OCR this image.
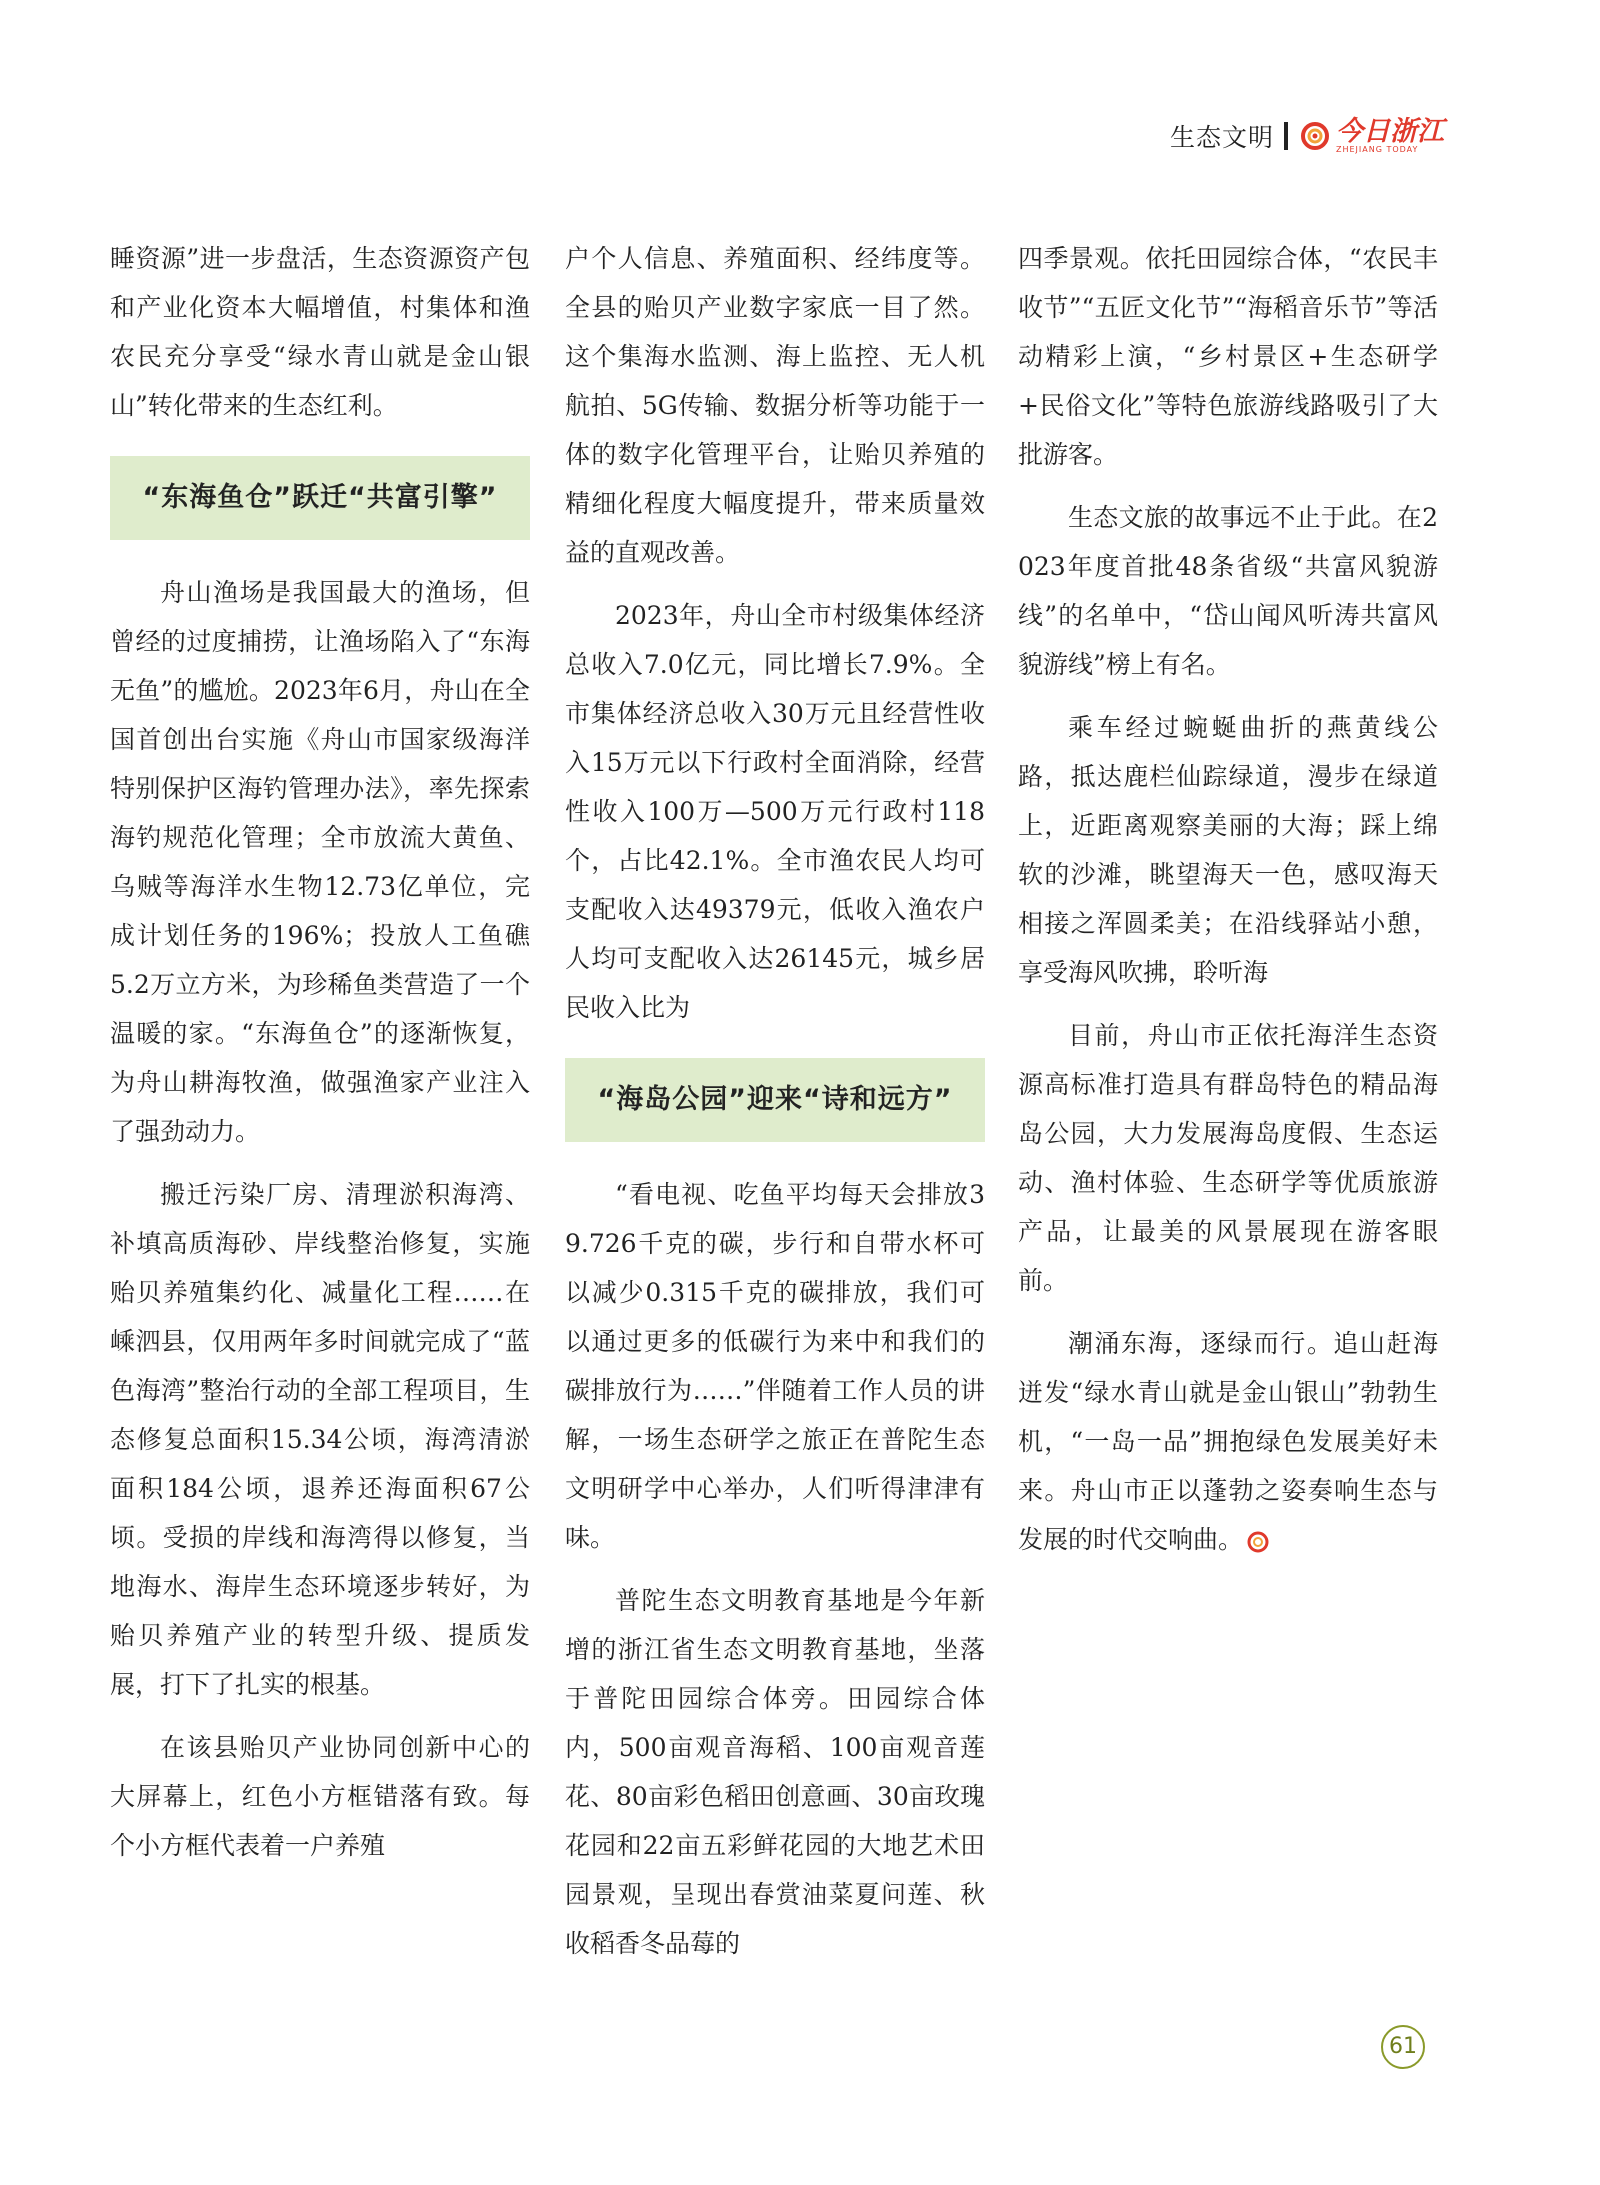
生态文明 今日浙江
ZHEJIANG TODAY

睡资源”进一步盘活，生态资源资产包和产业化资本大幅增值，村集体和渔农民充分享受“绿水青山就是金山银山”转化带来的生态红利。

“东海鱼仓”跃迁“共富引擎”

舟山渔场是我国最大的渔场，但曾经的过度捕捞，让渔场陷入了“东海无鱼”的尴尬。2023年6月，舟山在全国首创出台实施《舟山市国家级海洋特别保护区海钓管理办法》，率先探索海钓规范化管理；全市放流大黄鱼、乌贼等海洋水生物12.73亿单位，完成计划任务的196%；投放人工鱼礁5.2万立方米，为珍稀鱼类营造了一个温暖的家。“东海鱼仓”的逐渐恢复，为舟山耕海牧渔，做强渔家产业注入了强劲动力。

搬迁污染厂房、清理淤积海湾、补填高质海砂、岸线整治修复，实施贻贝养殖集约化、减量化工程……在嵊泗县，仅用两年多时间就完成了“蓝色海湾”整治行动的全部工程项目，生态修复总面积15.34公顷，海湾清淤面积184公顷，退养还海面积67公顷。受损的岸线和海湾得以修复，当地海水、海岸生态环境逐步转好，为贻贝养殖产业的转型升级、提质发展，打下了扎实的根基。

在该县贻贝产业协同创新中心的大屏幕上，红色小方框错落有致。每个小方框代表着一户养殖

户个人信息、养殖面积、经纬度等。全县的贻贝产业数字家底一目了然。这个集海水监测、海上监控、无人机航拍、5G传输、数据分析等功能于一体的数字化管理平台，让贻贝养殖的精细化程度大幅度提升，带来质量效益的直观改善。

2023年，舟山全市村级集体经济总收入7.0亿元，同比增长7.9%。全市集体经济总收入30万元且经营性收入15万元以下行政村全面消除，经营性收入100万—500万元行政村118个，占比42.1%。全市渔农民人均可支配收入达49379元，低收入渔农户人均可支配收入达26145元，城乡居民收入比为

“海岛公园”迎来“诗和远方”

“看电视、吃鱼平均每天会排放39.726千克的碳，步行和自带水杯可以减少0.315千克的碳排放，我们可以通过更多的低碳行为来中和我们的碳排放行为……”伴随着工作人员的讲解，一场生态研学之旅正在普陀生态文明研学中心举办，人们听得津津有味。

普陀生态文明教育基地是今年新增的浙江省生态文明教育基地，坐落于普陀田园综合体旁。田园综合体内，500亩观音海稻、100亩观音莲花、80亩彩色稻田创意画、30亩玫瑰花园和22亩五彩鲜花园的大地艺术田园景观，呈现出春赏油菜夏问莲、秋收稻香冬品莓的

四季景观。依托田园综合体，“农民丰收节”“五匠文化节”“海稻音乐节”等活动精彩上演，“乡村景区+生态研学+民俗文化”等特色旅游线路吸引了大批游客。

生态文旅的故事远不止于此。在2023年度首批48条省级“共富风貌游线”的名单中，“岱山闻风听涛共富风貌游线”榜上有名。

乘车经过蜿蜒曲折的燕黄线公路，抵达鹿栏仙踪绿道，漫步在绿道上，近距离观察美丽的大海；踩上绵软的沙滩，眺望海天一色，感叹海天相接之浑圆柔美；在沿线驿站小憩，享受海风吹拂，聆听海

目前，舟山市正依托海洋生态资源高标准打造具有群岛特色的精品海岛公园，大力发展海岛度假、生态运动、渔村体验、生态研学等优质旅游产品，让最美的风景展现在游客眼前。

潮涌东海，逐绿而行。追山赶海迸发“绿水青山就是金山银山”勃勃生机，“一岛一品”拥抱绿色发展美好未来。舟山市正以蓬勃之姿奏响生态与发展的时代交响曲。

61
